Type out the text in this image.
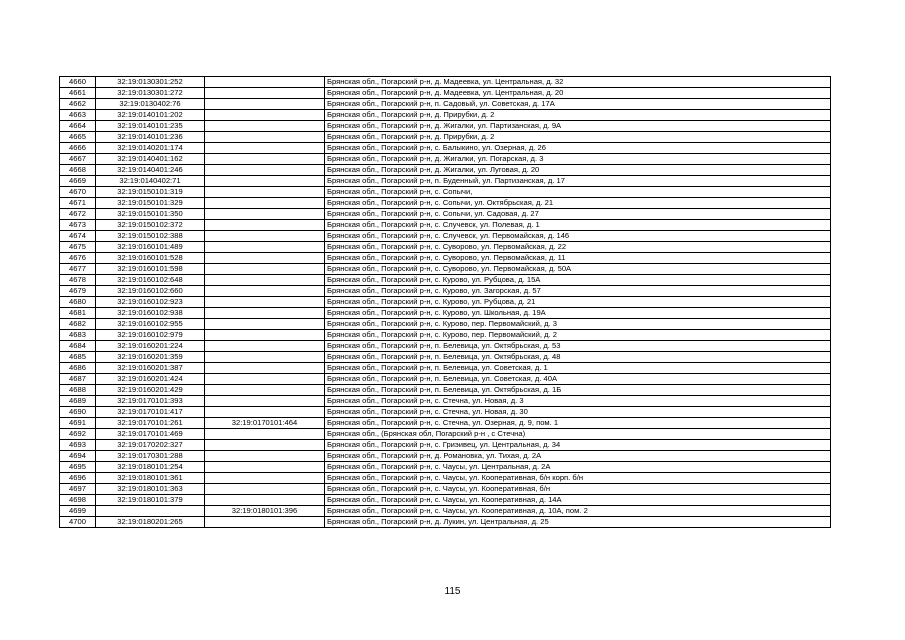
4660	32:19:0130301:252		Брянская обл., Погарский р-н, д. Мадеевка, ул. Центральная, д. 32
4661	32:19:0130301:272		Брянская обл., Погарский р-н, д. Мадеевка, ул. Центральная, д. 20
4662	32:19:0130402:76		Брянская обл., Погарский р-н, п. Садовый, ул. Советская, д. 17А
4663	32:19:0140101:202		Брянская обл., Погарский р-н, д. Прирубки, д. 2
4664	32:19:0140101:235		Брянская обл., Погарский р-н, д. Жигалки, ул. Партизанская, д. 9А
4665	32:19:0140101:236		Брянская обл., Погарский р-н, д. Прирубки, д. 2
4666	32:19:0140201:174		Брянская обл., Погарский р-н, с. Балыкино, ул. Озерная, д. 26
4667	32:19:0140401:162		Брянская обл., Погарский р-н, д. Жигалки, ул. Погарская, д. 3
4668	32:19:0140401:246		Брянская обл., Погарский р-н, д. Жигалки, ул. Луговая, д. 20
4669	32:19:0140402:71		Брянская обл., Погарский р-н, п. Буденный, ул. Партизанская, д. 17
4670	32:19:0150101:319		Брянская обл., Погарский р-н, с. Сопычи,
4671	32:19:0150101:329		Брянская обл., Погарский р-н, с. Сопычи, ул. Октябрьская, д. 21
4672	32:19:0150101:350		Брянская обл., Погарский р-н, с. Сопычи, ул. Садовая, д. 27
4673	32:19:0150102:372		Брянская обл., Погарский р-н, с. Случевск, ул. Полевая, д. 1
4674	32:19:0150102:388		Брянская обл., Погарский р-н, с. Случевск, ул. Первомайская, д. 146
4675	32:19:0160101:489		Брянская обл., Погарский р-н, с. Суворово, ул. Первомайская, д. 22
4676	32:19:0160101:528		Брянская обл., Погарский р-н, с. Суворово, ул. Первомайская, д. 11
4677	32:19:0160101:598		Брянская обл., Погарский р-н, с. Суворово, ул. Первомайская, д. 50А
4678	32:19:0160102:648		Брянская обл., Погарский р-н, с. Курово, ул. Рубцова, д. 15А
4679	32:19:0160102:660		Брянская обл., Погарский р-н, с. Курово, ул. Загорская, д. 57
4680	32:19:0160102:923		Брянская обл., Погарский р-н, с. Курово, ул. Рубцова, д. 21
4681	32:19:0160102:938		Брянская обл., Погарский р-н, с. Курово, ул. Школьная, д. 19А
4682	32:19:0160102:955		Брянская обл., Погарский р-н, с. Курово, пер. Первомайский, д. 3
4683	32:19:0160102:979		Брянская обл., Погарский р-н, с. Курово, пер. Первомайский, д. 2
4684	32:19:0160201:224		Брянская обл., Погарский р-н, п. Белевица, ул. Октябрьская, д. 53
4685	32:19:0160201:359		Брянская обл., Погарский р-н, п. Белевица, ул. Октябрьская, д. 48
4686	32:19:0160201:387		Брянская обл., Погарский р-н, п. Белевица, ул. Советская, д. 1
4687	32:19:0160201:424		Брянская обл., Погарский р-н, п. Белевица, ул. Советская, д. 40А
4688	32:19:0160201:429		Брянская обл., Погарский р-н, п. Белевица, ул. Октябрьская, д. 1Б
4689	32:19:0170101:393		Брянская обл., Погарский р-н, с. Стечна, ул. Новая, д. 3
4690	32:19:0170101:417		Брянская обл., Погарский р-н, с. Стечна, ул. Новая, д. 30
4691	32:19:0170101:261	32:19:0170101:464	Брянская обл., Погарский р-н, с. Стечна, ул. Озерная, д. 9, пом. 1
4692	32:19:0170101:469		Брянская обл., (Брянская обл, Погарский р-н , с Стечна)
4693	32:19:0170202:327		Брянская обл., Погарский р-н, с. Гриэивец, ул. Центральная, д. 34
4694	32:19:0170301:288		Брянская обл., Погарский р-н, д. Романовка, ул. Тихая, д. 2А
4695	32:19:0180101:254		Брянская обл., Погарский р-н, с. Чаусы, ул. Центральная, д. 2А
4696	32:19:0180101:361		Брянская обл., Погарский р-н, с. Чаусы, ул. Кооперативная, б/н корп. б/н
4697	32:19:0180101:363		Брянская обл., Погарский р-н, с. Чаусы, ул. Кооперативная, б/н
4698	32:19:0180101:379		Брянская обл., Погарский р-н, с. Чаусы, ул. Кооперативная, д. 14А
4699		32:19:0180101:396	Брянская обл., Погарский р-н, с. Чаусы, ул. Кооперативная, д. 10А, пом. 2
4700	32:19:0180201:265		Брянская обл., Погарский р-н, д. Лукин, ул. Центральная, д. 25
115
